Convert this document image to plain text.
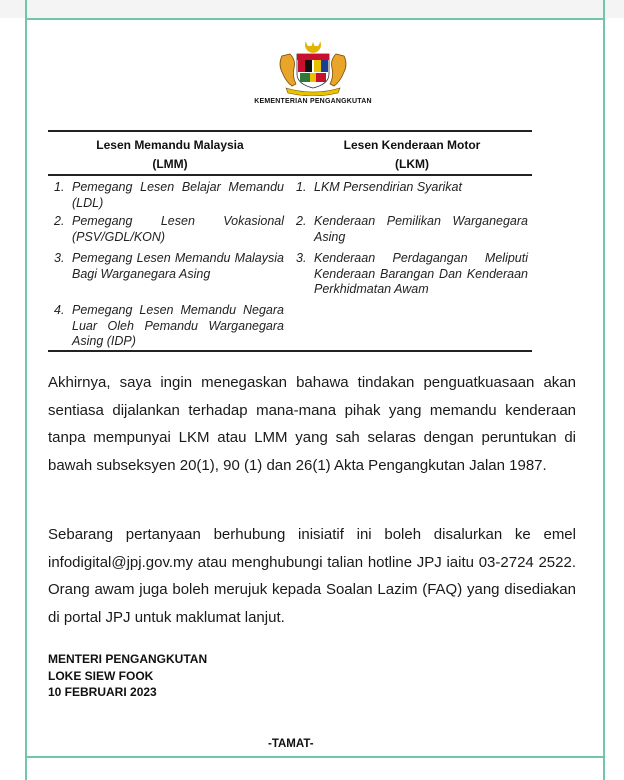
KEMENTERIAN PENGANGKUTAN
Lesen Memandu Malaysia
(LMM)
Lesen Kenderaan Motor
(LKM)
1. Pemegang Lesen Belajar Memandu (LDL)
2. Pemegang Lesen Vokasional (PSV/GDL/KON)
3. Pemegang Lesen Memandu Malaysia Bagi Warganegara Asing
4. Pemegang Lesen Memandu Negara Luar Oleh Pemandu Warganegara Asing (IDP)
1. LKM Persendirian Syarikat
2. Kenderaan Pemilikan Warganegara Asing
3. Kenderaan Perdagangan Meliputi Kenderaan Barangan Dan Kenderaan Perkhidmatan Awam
Akhirnya, saya ingin menegaskan bahawa tindakan penguatkuasaan akan sentiasa dijalankan terhadap mana-mana pihak yang memandu kenderaan tanpa mempunyai LKM atau LMM yang sah selaras dengan peruntukan di bawah subseksyen 20(1), 90 (1) dan 26(1) Akta Pengangkutan Jalan 1987.
Sebarang pertanyaan berhubung inisiatif ini boleh disalurkan ke emel infodigital@jpj.gov.my atau menghubungi talian hotline JPJ iaitu 03-2724 2522. Orang awam juga boleh merujuk kepada Soalan Lazim (FAQ) yang disediakan di portal JPJ untuk maklumat lanjut.
MENTERI PENGANGKUTAN
LOKE SIEW FOOK
10 FEBRUARI 2023
-TAMAT-
